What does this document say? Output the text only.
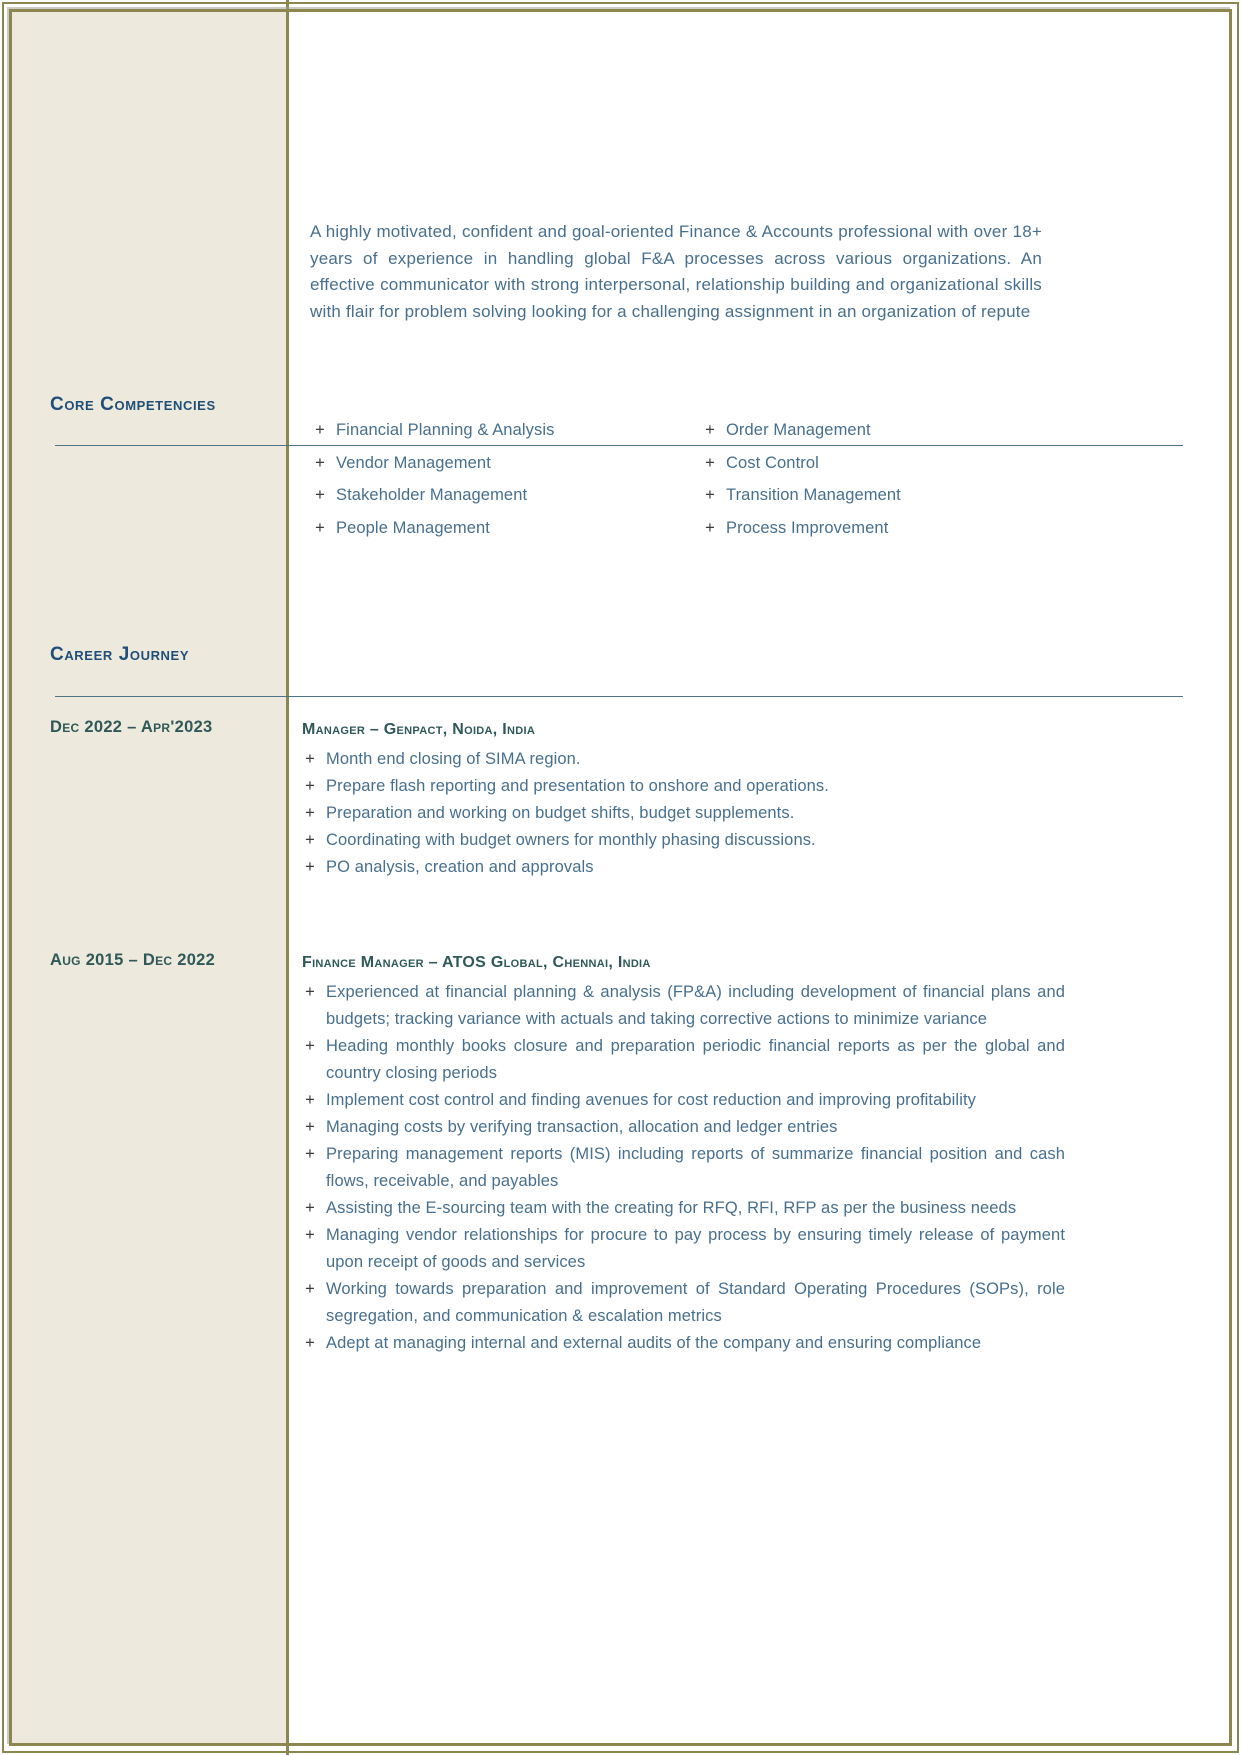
A highly motivated, confident and goal-oriented Finance & Accounts professional with over 18+ years of experience in handling global F&A processes across various organizations. An effective communicator with strong interpersonal, relationship building and organizational skills with flair for problem solving looking for a challenging assignment in an organization of repute
Core Competencies
Career Journey
+ Financial Planning & Analysis
+ Vendor Management
+ Stakeholder Management
+ People Management
+ Order Management
+ Cost Control
+ Transition Management
+ Process Improvement
Dec 2022 – Apr'2023	Manager – Genpact, Noida, India
+ Month end closing of SIMA region.
+ Prepare flash reporting and presentation to onshore and operations.
+ Preparation and working on budget shifts, budget supplements.
+ Coordinating with budget owners for monthly phasing discussions.
+ PO analysis, creation and approvals
Aug 2015 – Dec 2022	Finance Manager – ATOS Global, Chennai, India
+ Experienced at financial planning & analysis (FP&A) including development of financial plans and budgets; tracking variance with actuals and taking corrective actions to minimize variance
+ Heading monthly books closure and preparation periodic financial reports as per the global and country closing periods
+ Implement cost control and finding avenues for cost reduction and improving profitability
+ Managing costs by verifying transaction, allocation and ledger entries
+ Preparing management reports (MIS) including reports of summarize financial position and cash flows, receivable, and payables
+ Assisting the E-sourcing team with the creating for RFQ, RFI, RFP as per the business needs
+ Managing vendor relationships for procure to pay process by ensuring timely release of payment upon receipt of goods and services
+ Working towards preparation and improvement of Standard Operating Procedures (SOPs), role segregation, and communication & escalation metrics
+ Adept at managing internal and external audits of the company and ensuring compliance
